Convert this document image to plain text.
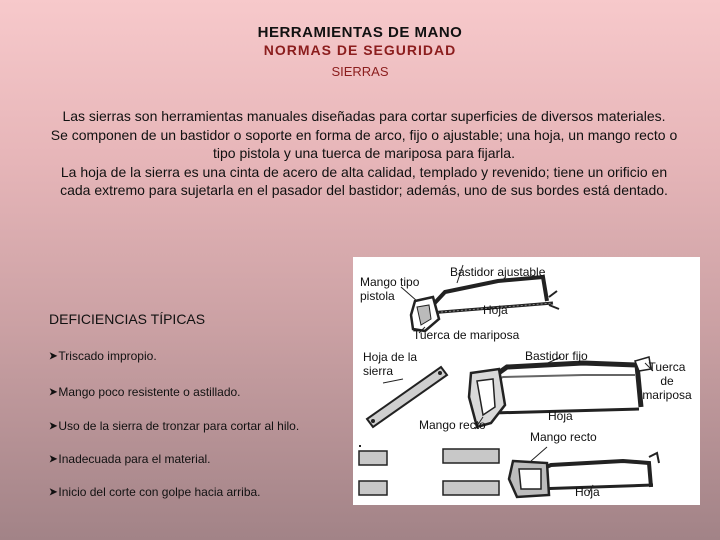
HERRAMIENTAS DE MANO
NORMAS DE SEGURIDAD
SIERRAS

Las sierras son herramientas manuales diseñadas para cortar superficies de diversos materiales.

Se componen de un bastidor o soporte en forma de arco, fijo o ajustable; una hoja, un mango recto o tipo pistola y una tuerca de mariposa para fijarla.

La hoja de la sierra es una cinta de acero de alta calidad, templado y revenido; tiene un orificio en cada extremo para sujetarla en el pasador del bastidor; además, uno de sus bordes está dentado.

DEFICIENCIAS TÍPICAS
➤Triscado impropio.
➤Mango poco resistente o astillado.
➤Uso de la sierra de tronzar para cortar al hilo.
➤Inadecuada para el material.
➤Inicio del corte con golpe hacia arriba.
Mango tipo
pistola
Bastidor ajustable
Hoja
Tuerca de mariposa
Hoja de la
sierra
Bastidor fijo
Tuerca
de
mariposa
Hoja
Mango recto
Mango recto
Hoja
